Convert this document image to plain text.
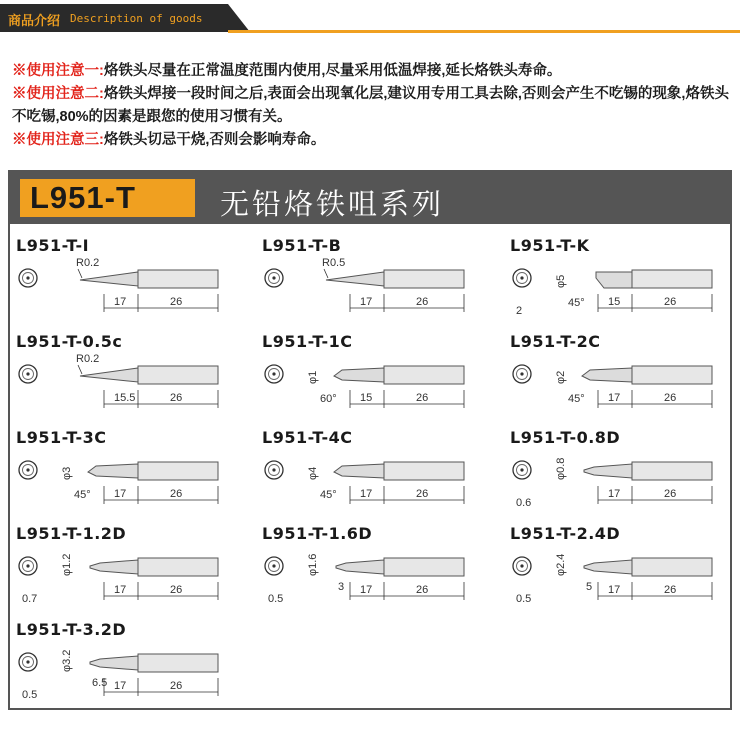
商品介绍 Description of goods
※使用注意一:烙铁头尽量在正常温度范围内使用,尽量采用低温焊接,延长烙铁头寿命。
※使用注意二:烙铁头焊接一段时间之后,表面会出现氧化层,建议用专用工具去除,否则会产生不吃锡的现象,烙铁头不吃锡,80%的因素是跟您的使用习惯有关。
※使用注意三:烙铁头切忌干烧,否则会影响寿命。
L951-T	无铅烙铁咀系列
L951-T-I
R0.2
17	26
L951-T-B
R0.5
17	26
L951-T-K
2
φ5
45° 15	26
L951-T-0.5c
R0.2
15.5	26
L951-T-1C
φ1
60° 15	26
L951-T-2C
φ2
45° 17	26
L951-T-3C
φ3
45° 17	26
L951-T-4C
φ4
45° 17	26
L951-T-0.8D
0.6
φ0.8
17	26
L951-T-1.2D
0.7
φ1.2
17	26
L951-T-1.6D
0.5
φ1.6
3 17	26
L951-T-2.4D
0.5
φ2.4
5 17	26
L951-T-3.2D
0.5
φ3.2
6.5 17	26
